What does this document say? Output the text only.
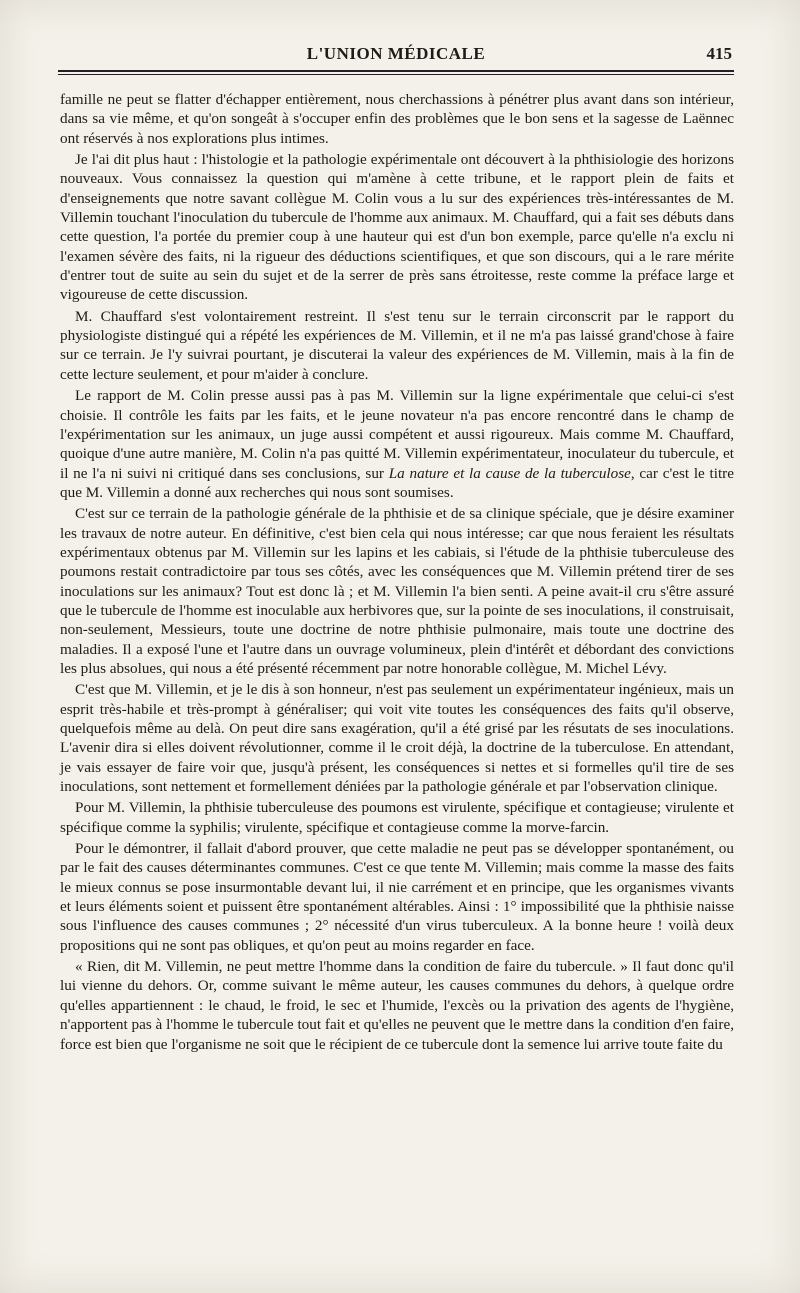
L'UNION MÉDICALE	415

famille ne peut se flatter d'échapper entièrement, nous cherchassions à pénétrer plus avant dans son intérieur, dans sa vie même, et qu'on songeât à s'occuper enfin des problèmes que le bon sens et la sagesse de Laënnec ont réservés à nos explorations plus intimes.

Je l'ai dit plus haut : l'histologie et la pathologie expérimentale ont découvert à la phthisiologie des horizons nouveaux. Vous connaissez la question qui m'amène à cette tribune, et le rapport plein de faits et d'enseignements que notre savant collègue M. Colin vous a lu sur des expériences très-intéressantes de M. Villemin touchant l'inoculation du tubercule de l'homme aux animaux. M. Chauffard, qui a fait ses débuts dans cette question, l'a portée du premier coup à une hauteur qui est d'un bon exemple, parce qu'elle n'a exclu ni l'examen sévère des faits, ni la rigueur des déductions scientifiques, et que son discours, qui a le rare mérite d'entrer tout de suite au sein du sujet et de la serrer de près sans étroitesse, reste comme la préface large et vigoureuse de cette discussion.

M. Chauffard s'est volontairement restreint. Il s'est tenu sur le terrain circonscrit par le rapport du physiologiste distingué qui a répété les expériences de M. Villemin, et il ne m'a pas laissé grand'chose à faire sur ce terrain. Je l'y suivrai pourtant, je discuterai la valeur des expériences de M. Villemin, mais à la fin de cette lecture seulement, et pour m'aider à conclure.

Le rapport de M. Colin presse aussi pas à pas M. Villemin sur la ligne expérimentale que celui-ci s'est choisie. Il contrôle les faits par les faits, et le jeune novateur n'a pas encore rencontré dans le champ de l'expérimentation sur les animaux, un juge aussi compétent et aussi rigoureux. Mais comme M. Chauffard, quoique d'une autre manière, M. Colin n'a pas quitté M. Villemin expérimentateur, inoculateur du tubercule, et il ne l'a ni suivi ni critiqué dans ses conclusions, sur La nature et la cause de la tuberculose, car c'est le titre que M. Villemin a donné aux recherches qui nous sont soumises.

C'est sur ce terrain de la pathologie générale de la phthisie et de sa clinique spéciale, que je désire examiner les travaux de notre auteur. En définitive, c'est bien cela qui nous intéresse; car que nous feraient les résultats expérimentaux obtenus par M. Villemin sur les lapins et les cabiais, si l'étude de la phthisie tuberculeuse des poumons restait contradictoire par tous ses côtés, avec les conséquences que M. Villemin prétend tirer de ses inoculations sur les animaux? Tout est donc là ; et M. Villemin l'a bien senti. A peine avait-il cru s'être assuré que le tubercule de l'homme est inoculable aux herbivores que, sur la pointe de ses inoculations, il construisait, non-seulement, Messieurs, toute une doctrine de notre phthisie pulmonaire, mais toute une doctrine des maladies. Il a exposé l'une et l'autre dans un ouvrage volumineux, plein d'intérêt et débordant des convictions les plus absolues, qui nous a été présenté récemment par notre honorable collègue, M. Michel Lévy.

C'est que M. Villemin, et je le dis à son honneur, n'est pas seulement un expérimentateur ingénieux, mais un esprit très-habile et très-prompt à généraliser; qui voit vite toutes les conséquences des faits qu'il observe, quelquefois même au delà. On peut dire sans exagération, qu'il a été grisé par les résutats de ses inoculations. L'avenir dira si elles doivent révolutionner, comme il le croit déjà, la doctrine de la tuberculose. En attendant, je vais essayer de faire voir que, jusqu'à présent, les conséquences si nettes et si formelles qu'il tire de ses inoculations, sont nettement et formellement déniées par la pathologie générale et par l'observation clinique.

Pour M. Villemin, la phthisie tuberculeuse des poumons est virulente, spécifique et contagieuse; virulente et spécifique comme la syphilis; virulente, spécifique et contagieuse comme la morve-farcin.

Pour le démontrer, il fallait d'abord prouver, que cette maladie ne peut pas se développer spontanément, ou par le fait des causes déterminantes communes. C'est ce que tente M. Villemin; mais comme la masse des faits le mieux connus se pose insurmontable devant lui, il nie carrément et en principe, que les organismes vivants et leurs éléments soient et puissent être spontanément altérables. Ainsi : 1° impossibilité que la phthisie naisse sous l'influence des causes communes ; 2° nécessité d'un virus tuberculeux. A la bonne heure ! voilà deux propositions qui ne sont pas obliques, et qu'on peut au moins regarder en face.

« Rien, dit M. Villemin, ne peut mettre l'homme dans la condition de faire du tubercule. » Il faut donc qu'il lui vienne du dehors. Or, comme suivant le même auteur, les causes communes du dehors, à quelque ordre qu'elles appartiennent : le chaud, le froid, le sec et l'humide, l'excès ou la privation des agents de l'hygiène, n'apportent pas à l'homme le tubercule tout fait et qu'elles ne peuvent que le mettre dans la condition d'en faire, force est bien que l'organisme ne soit que le récipient de ce tubercule dont la semence lui arrive toute faite du
